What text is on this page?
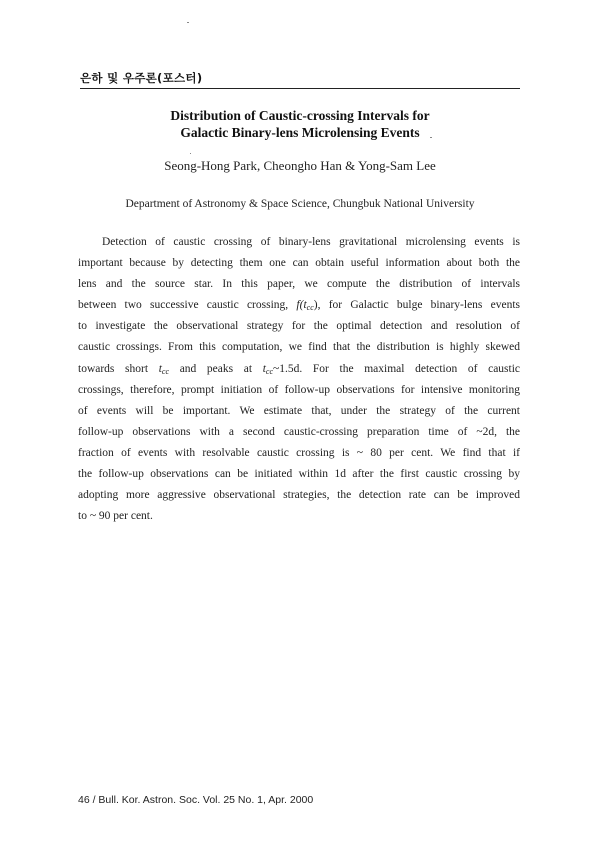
은하 및 우주론(포스터)
Distribution of Caustic-crossing Intervals for
Galactic Binary-lens Microlensing Events
Seong-Hong Park, Cheongho Han & Yong-Sam Lee
Department of Astronomy & Space Science, Chungbuk National University
Detection of caustic crossing of binary-lens gravitational microlensing events is
important because by detecting them one can obtain useful information about both the
lens and the source star. In this paper, we compute the distribution of intervals
between two successive caustic crossing, $f(t_{cc})$, for Galactic bulge binary-lens events
to investigate the observational strategy for the optimal detection and resolution of
caustic crossings. From this computation, we find that the distribution is highly skewed
towards short $t_{cc}$ and peaks at $t_{cc}\sim 1.5d$. For the maximal detection of caustic
crossings, therefore, prompt initiation of follow-up observations for intensive monitoring
of events will be important. We estimate that, under the strategy of the current
follow-up observations with a second caustic-crossing preparation time of ~2d, the
fraction of events with resolvable caustic crossing is ~ 80 per cent. We find that if
the follow-up observations can be initiated within 1d after the first caustic crossing by
adopting more aggressive observational strategies, the detection rate can be improved
to ~ 90 per cent.
46 / Bull. Kor. Astron. Soc. Vol. 25 No. 1, Apr. 2000
